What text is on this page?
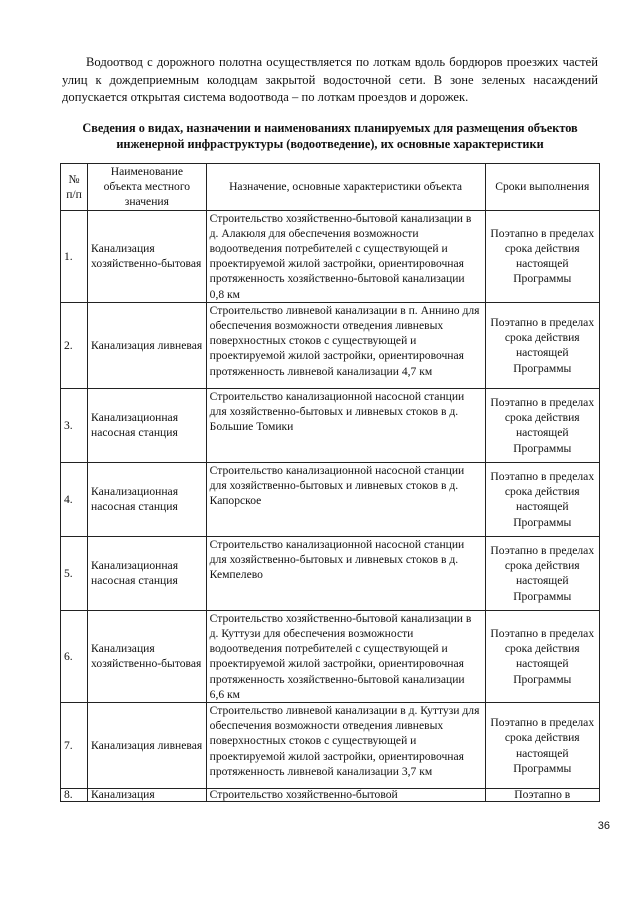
Водоотвод с дорожного полотна осуществляется по лоткам вдоль бордюров проезжих частей улиц к дождеприемным колодцам закрытой водосточной сети. В зоне зеленых насаждений допускается открытая система водоотвода – по лоткам проездов и дорожек.

Сведения о видах, назначении и наименованиях планируемых для размещения объектов инженерной инфраструктуры (водоотведение), их основные характеристики

№ п/п	Наименование объекта местного значения	Назначение, основные характеристики объекта	Сроки выполнения
1.	Канализация хозяйственно-бытовая	Строительство хозяйственно-бытовой канализации в д. Алакюля для обеспечения возможности водоотведения потребителей с существующей и проектируемой жилой застройки, ориентировочная протяженность хозяйственно-бытовой канализации 0,8 км	Поэтапно в пределах срока действия настоящей Программы
2.	Канализация ливневая	Строительство ливневой канализации в п. Аннино для обеспечения возможности отведения ливневых поверхностных стоков с существующей и проектируемой жилой застройки, ориентировочная протяженность ливневой канализации 4,7 км	Поэтапно в пределах срока действия настоящей Программы
3.	Канализационная насосная станция	Строительство канализационной насосной станции для хозяйственно-бытовых и ливневых стоков в д. Большие Томики	Поэтапно в пределах срока действия настоящей Программы
4.	Канализационная насосная станция	Строительство канализационной насосной станции для хозяйственно-бытовых и ливневых стоков в д. Капорское	Поэтапно в пределах срока действия настоящей Программы
5.	Канализационная насосная станция	Строительство канализационной насосной станции для хозяйственно-бытовых и ливневых стоков в д. Кемпелево	Поэтапно в пределах срока действия настоящей Программы
6.	Канализация хозяйственно-бытовая	Строительство хозяйственно-бытовой канализации в д. Куттузи для обеспечения возможности водоотведения потребителей с существующей и проектируемой жилой застройки, ориентировочная протяженность хозяйственно-бытовой канализации 6,6 км	Поэтапно в пределах срока действия настоящей Программы
7.	Канализация ливневая	Строительство ливневой канализации в д. Куттузи для обеспечения возможности отведения ливневых поверхностных стоков с существующей и проектируемой жилой застройки, ориентировочная протяженность ливневой канализации 3,7 км	Поэтапно в пределах срока действия настоящей Программы
8.	Канализация	Строительство хозяйственно-бытовой	Поэтапно в
36
